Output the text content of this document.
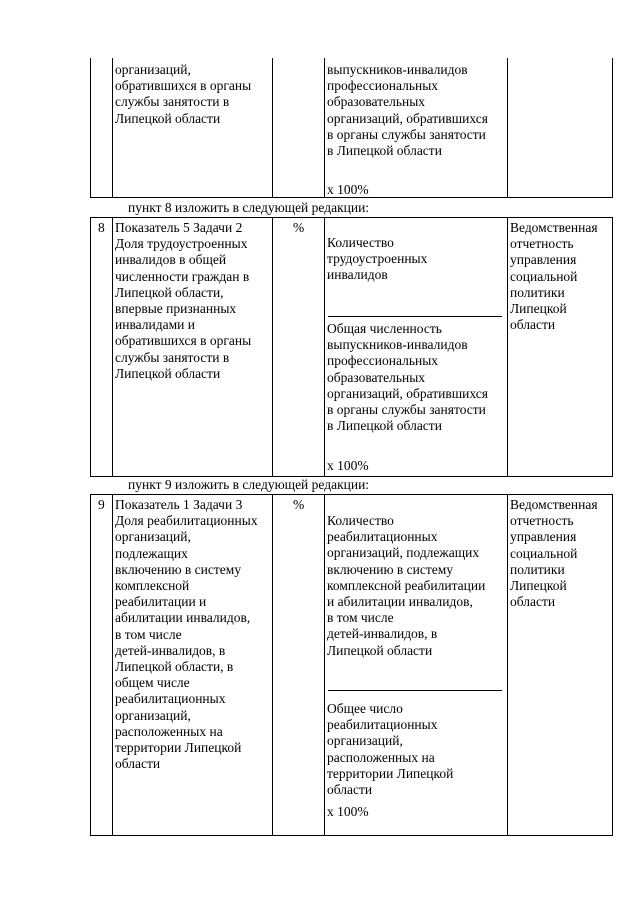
организаций,
обратившихся в органы
службы занятости в
Липецкой области
выпускников-инвалидов
профессиональных
образовательных
организаций, обратившихся
в органы службы занятости
в Липецкой области
х 100%
пункт 8 изложить в следующей редакции:
8 Показатель 5 Задачи 2
Доля трудоустроенных
инвалидов в общей
численности граждан в
Липецкой области,
впервые признанных
инвалидами и
обратившихся в органы
службы занятости в
Липецкой области
%
Количество
трудоустроенных
инвалидов
Общая численность
выпускников-инвалидов
профессиональных
образовательных
организаций, обратившихся
в органы службы занятости
в Липецкой области
х 100%
Ведомственная
отчетность
управления
социальной
политики
Липецкой
области
пункт 9 изложить в следующей редакции:
9 Показатель 1 Задачи 3
Доля реабилитационных
организаций,
подлежащих
включению в систему
комплексной
реабилитации и
абилитации инвалидов,
в том числе
детей-инвалидов, в
Липецкой области, в
общем числе
реабилитационных
организаций,
расположенных на
территории Липецкой
области
%
Количество
реабилитационных
организаций, подлежащих
включению в систему
комплексной реабилитации
и абилитации инвалидов,
в том числе
детей-инвалидов, в
Липецкой области
Общее число
реабилитационных
организаций,
расположенных на
территории Липецкой
области
х 100%
Ведомственная
отчетность
управления
социальной
политики
Липецкой
области
